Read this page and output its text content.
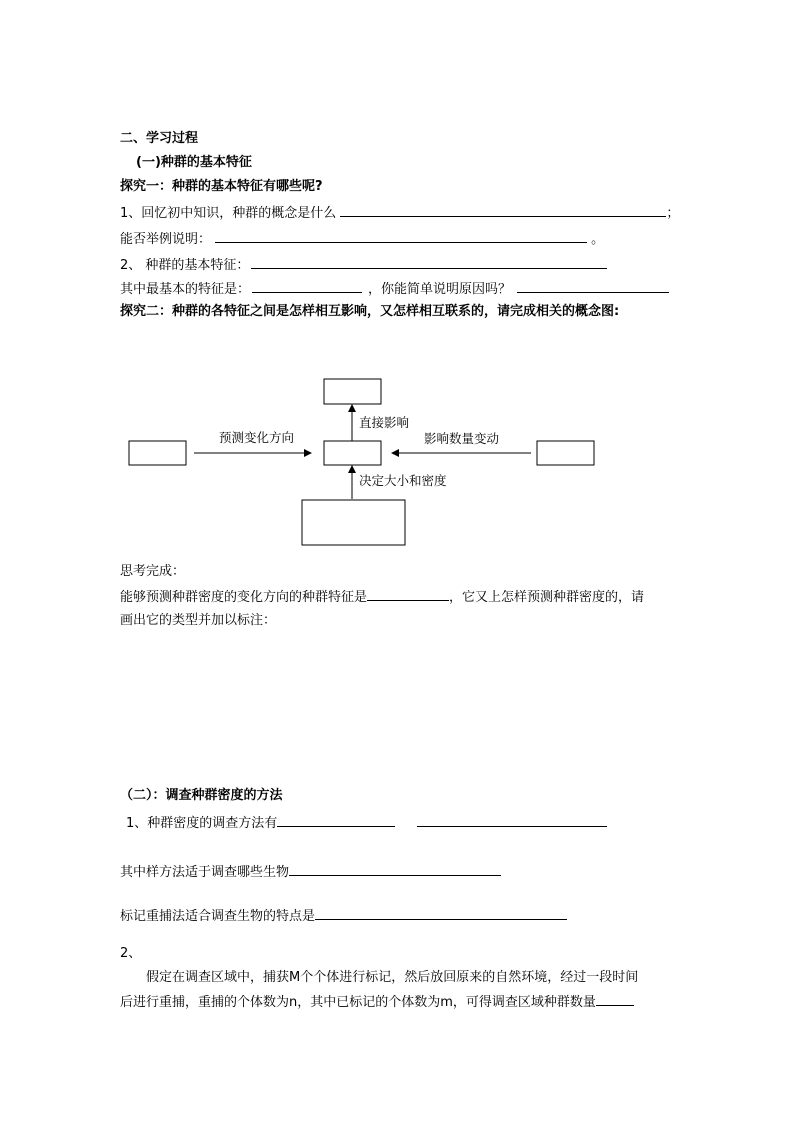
二、学习过程
(一)种群的基本特征
探究一：种群的基本特征有哪些呢?
1、回忆初中知识，种群的概念是什么	；
能否举例说明：	。
2、 种群的基本特征：
其中最基本的特征是：	，你能简单说明原因吗？
探究二：种群的各特征之间是怎样相互影响，又怎样相互联系的，请完成相关的概念图:
直接影响
预测变化方向	影响数量变动
决定大小和密度
思考完成：
能够预测种群密度的变化方向的种群特征是	，它又上怎样预测种群密度的，请
画出它的类型并加以标注：
（二）：调查种群密度的方法
1、种群密度的调查方法有
其中样方法适于调查哪些生物
标记重捕法适合调查生物的特点是
2、
假定在调查区域中，捕获M个个体进行标记，然后放回原来的自然环境，经过一段时间
后进行重捕，重捕的个体数为n，其中已标记的个体数为m，可得调查区域种群数量
